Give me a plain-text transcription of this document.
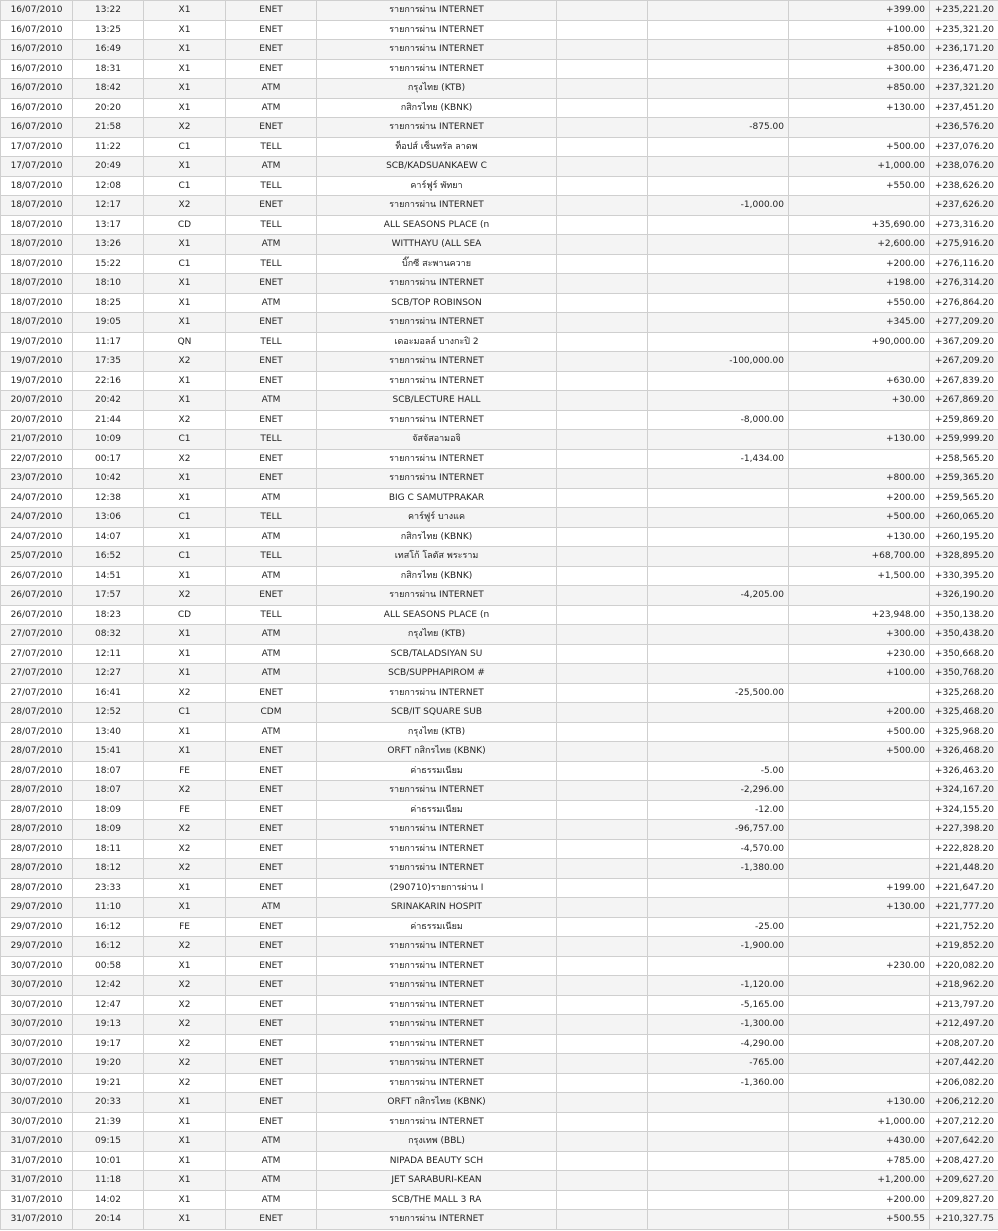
16/07/2010	13:22	X1	ENET	รายการผ่าน INTERNET			+399.00	+235,221.20
16/07/2010	13:25	X1	ENET	รายการผ่าน INTERNET			+100.00	+235,321.20
16/07/2010	16:49	X1	ENET	รายการผ่าน INTERNET			+850.00	+236,171.20
16/07/2010	18:31	X1	ENET	รายการผ่าน INTERNET			+300.00	+236,471.20
16/07/2010	18:42	X1	ATM	กรุงไทย (KTB)			+850.00	+237,321.20
16/07/2010	20:20	X1	ATM	กสิกรไทย (KBNK)			+130.00	+237,451.20
16/07/2010	21:58	X2	ENET	รายการผ่าน INTERNET		-875.00		+236,576.20
17/07/2010	11:22	C1	TELL	ท็อปส์ เซ็นทรัล ลาดพ			+500.00	+237,076.20
17/07/2010	20:49	X1	ATM	SCB/KADSUANKAEW C			+1,000.00	+238,076.20
18/07/2010	12:08	C1	TELL	คาร์ฟูร์ พัทยา			+550.00	+238,626.20
18/07/2010	12:17	X2	ENET	รายการผ่าน INTERNET		-1,000.00		+237,626.20
18/07/2010	13:17	CD	TELL	ALL SEASONS PLACE (n			+35,690.00	+273,316.20
18/07/2010	13:26	X1	ATM	WITTHAYU (ALL SEA			+2,600.00	+275,916.20
18/07/2010	15:22	C1	TELL	บิ๊กซี สะพานควาย			+200.00	+276,116.20
18/07/2010	18:10	X1	ENET	รายการผ่าน INTERNET			+198.00	+276,314.20
18/07/2010	18:25	X1	ATM	SCB/TOP ROBINSON			+550.00	+276,864.20
18/07/2010	19:05	X1	ENET	รายการผ่าน INTERNET			+345.00	+277,209.20
19/07/2010	11:17	QN	TELL	เดอะมอลล์ บางกะปิ 2			+90,000.00	+367,209.20
19/07/2010	17:35	X2	ENET	รายการผ่าน INTERNET		-100,000.00		+267,209.20
19/07/2010	22:16	X1	ENET	รายการผ่าน INTERNET			+630.00	+267,839.20
20/07/2010	20:42	X1	ATM	SCB/LECTURE HALL			+30.00	+267,869.20
20/07/2010	21:44	X2	ENET	รายการผ่าน INTERNET		-8,000.00		+259,869.20
21/07/2010	10:09	C1	TELL	จัสจัสอามอจิ			+130.00	+259,999.20
22/07/2010	00:17	X2	ENET	รายการผ่าน INTERNET		-1,434.00		+258,565.20
23/07/2010	10:42	X1	ENET	รายการผ่าน INTERNET			+800.00	+259,365.20
24/07/2010	12:38	X1	ATM	BIG C SAMUTPRAKAR			+200.00	+259,565.20
24/07/2010	13:06	C1	TELL	คาร์ฟูร์ บางแค			+500.00	+260,065.20
24/07/2010	14:07	X1	ATM	กสิกรไทย (KBNK)			+130.00	+260,195.20
25/07/2010	16:52	C1	TELL	เทสโก้ โลตัส พระราม			+68,700.00	+328,895.20
26/07/2010	14:51	X1	ATM	กสิกรไทย (KBNK)			+1,500.00	+330,395.20
26/07/2010	17:57	X2	ENET	รายการผ่าน INTERNET		-4,205.00		+326,190.20
26/07/2010	18:23	CD	TELL	ALL SEASONS PLACE (n			+23,948.00	+350,138.20
27/07/2010	08:32	X1	ATM	กรุงไทย (KTB)			+300.00	+350,438.20
27/07/2010	12:11	X1	ATM	SCB/TALADSIYAN SU			+230.00	+350,668.20
27/07/2010	12:27	X1	ATM	SCB/SUPPHAPIROM #			+100.00	+350,768.20
27/07/2010	16:41	X2	ENET	รายการผ่าน INTERNET		-25,500.00		+325,268.20
28/07/2010	12:52	C1	CDM	SCB/IT SQUARE SUB			+200.00	+325,468.20
28/07/2010	13:40	X1	ATM	กรุงไทย (KTB)			+500.00	+325,968.20
28/07/2010	15:41	X1	ENET	ORFT กสิกรไทย (KBNK)			+500.00	+326,468.20
28/07/2010	18:07	FE	ENET	ค่าธรรมเนียม		-5.00		+326,463.20
28/07/2010	18:07	X2	ENET	รายการผ่าน INTERNET		-2,296.00		+324,167.20
28/07/2010	18:09	FE	ENET	ค่าธรรมเนียม		-12.00		+324,155.20
28/07/2010	18:09	X2	ENET	รายการผ่าน INTERNET		-96,757.00		+227,398.20
28/07/2010	18:11	X2	ENET	รายการผ่าน INTERNET		-4,570.00		+222,828.20
28/07/2010	18:12	X2	ENET	รายการผ่าน INTERNET		-1,380.00		+221,448.20
28/07/2010	23:33	X1	ENET	(290710)รายการผ่าน I			+199.00	+221,647.20
29/07/2010	11:10	X1	ATM	SRINAKARIN HOSPIT			+130.00	+221,777.20
29/07/2010	16:12	FE	ENET	ค่าธรรมเนียม		-25.00		+221,752.20
29/07/2010	16:12	X2	ENET	รายการผ่าน INTERNET		-1,900.00		+219,852.20
30/07/2010	00:58	X1	ENET	รายการผ่าน INTERNET			+230.00	+220,082.20
30/07/2010	12:42	X2	ENET	รายการผ่าน INTERNET		-1,120.00		+218,962.20
30/07/2010	12:47	X2	ENET	รายการผ่าน INTERNET		-5,165.00		+213,797.20
30/07/2010	19:13	X2	ENET	รายการผ่าน INTERNET		-1,300.00		+212,497.20
30/07/2010	19:17	X2	ENET	รายการผ่าน INTERNET		-4,290.00		+208,207.20
30/07/2010	19:20	X2	ENET	รายการผ่าน INTERNET		-765.00		+207,442.20
30/07/2010	19:21	X2	ENET	รายการผ่าน INTERNET		-1,360.00		+206,082.20
30/07/2010	20:33	X1	ENET	ORFT กสิกรไทย (KBNK)			+130.00	+206,212.20
30/07/2010	21:39	X1	ENET	รายการผ่าน INTERNET			+1,000.00	+207,212.20
31/07/2010	09:15	X1	ATM	กรุงเทพ (BBL)			+430.00	+207,642.20
31/07/2010	10:01	X1	ATM	NIPADA BEAUTY SCH			+785.00	+208,427.20
31/07/2010	11:18	X1	ATM	JET SARABURI-KEAN			+1,200.00	+209,627.20
31/07/2010	14:02	X1	ATM	SCB/THE MALL 3 RA			+200.00	+209,827.20
31/07/2010	20:14	X1	ENET	รายการผ่าน INTERNET			+500.55	+210,327.75
